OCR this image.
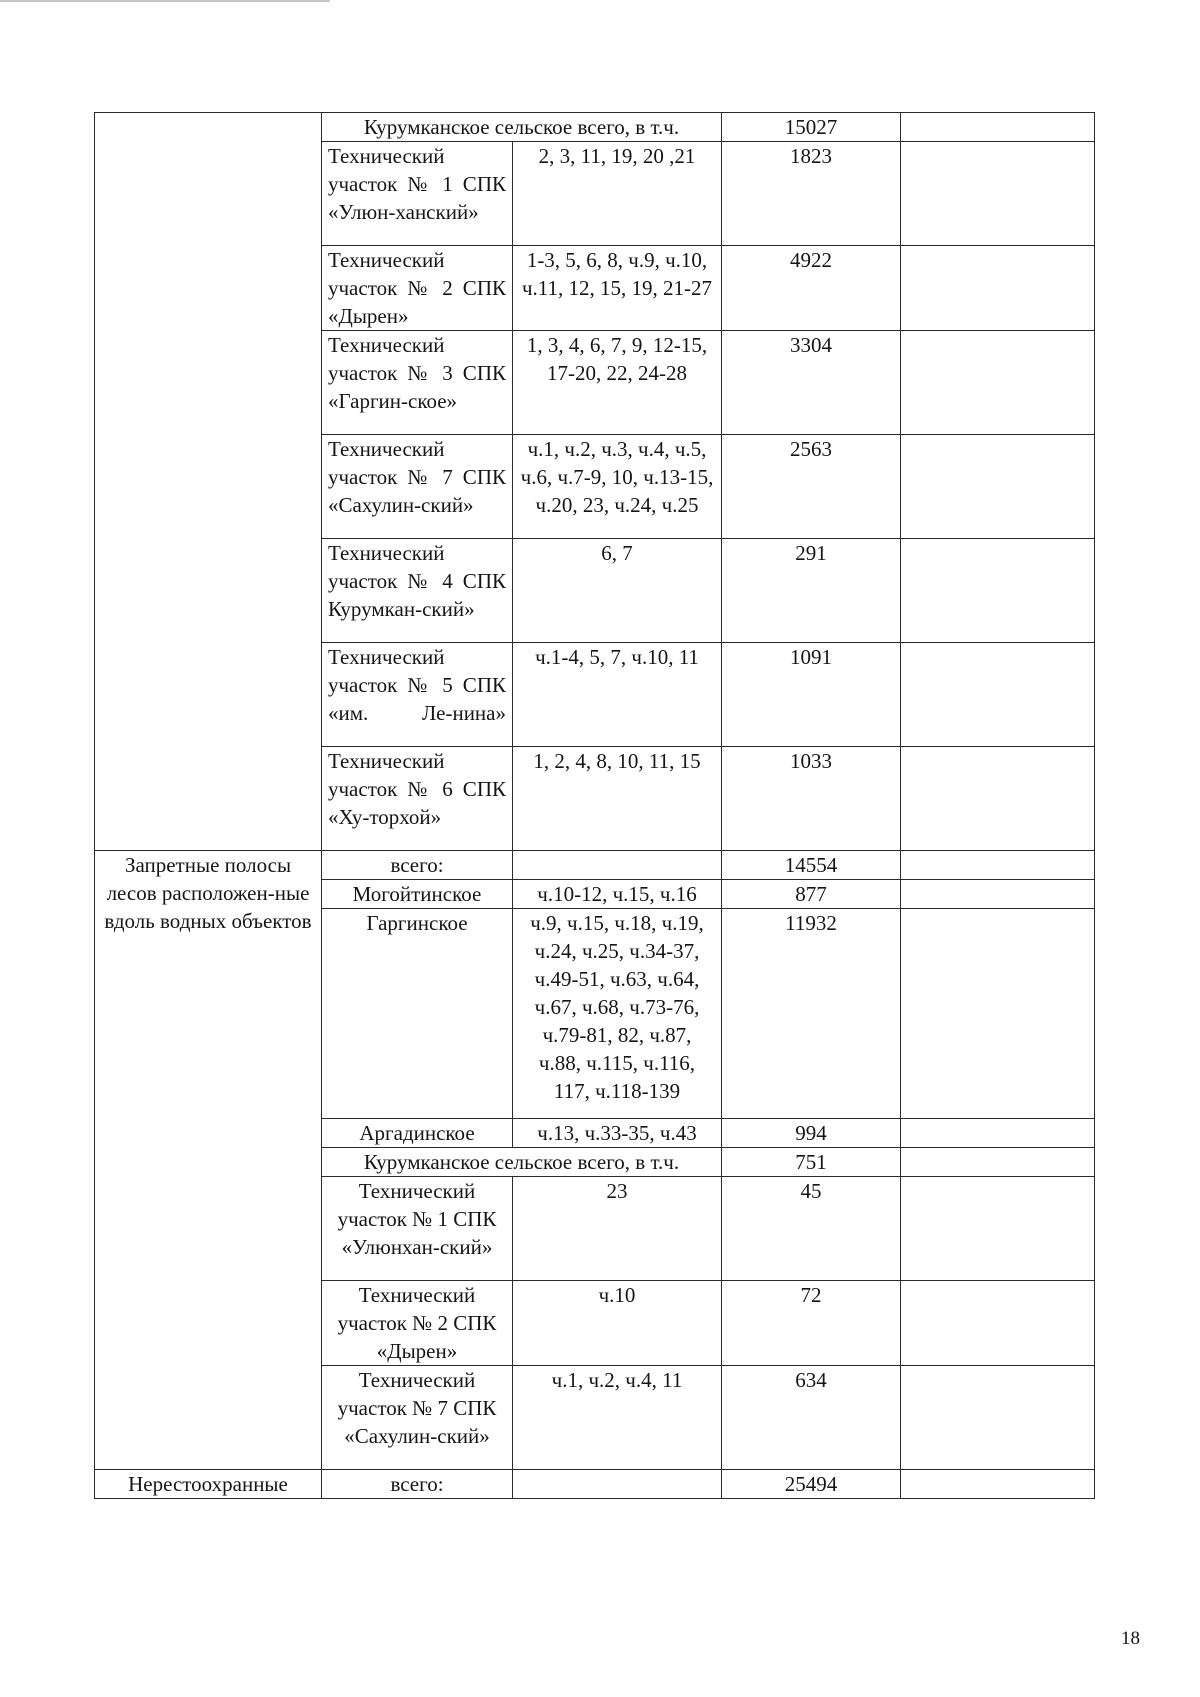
	Курумканское сельское всего, в т.ч.		15027	
	Технический участок № 1 СПК «Улюн-ханский»	2, 3, 11, 19, 20 ,21	1823	
	Технический участок № 2 СПК «Дырен»	1-3, 5, 6, 8, ч.9, ч.10, ч.11, 12, 15, 19, 21-27	4922	
	Технический участок № 3 СПК «Гаргин-ское»	1, 3, 4, 6, 7, 9, 12-15, 17-20, 22, 24-28	3304	
	Технический участок № 7 СПК «Сахулин-ский»	ч.1, ч.2, ч.3, ч.4, ч.5, ч.6, ч.7-9, 10, ч.13-15, ч.20, 23, ч.24, ч.25	2563	
	Технический участок № 4 СПК Курумкан-ский»	6, 7	291	
	Технический участок № 5 СПК «им. Ле-нина»	ч.1-4, 5, 7, ч.10, 11	1091	
	Технический участок № 6 СПК «Ху-торхой»	1, 2, 4, 8, 10, 11, 15	1033	
Запретные полосы лесов расположен-ные вдоль водных объектов	всего:		14554	
	Могойтинское	ч.10-12, ч.15, ч.16	877	
	Гаргинское	ч.9, ч.15, ч.18, ч.19, ч.24, ч.25, ч.34-37, ч.49-51, ч.63, ч.64, ч.67, ч.68, ч.73-76, ч.79-81, 82, ч.87, ч.88, ч.115, ч.116, 117, ч.118-139	11932	
	Аргадинское	ч.13, ч.33-35, ч.43	994	
	Курумканское сельское всего, в т.ч.		751	
	Технический участок № 1 СПК «Улюнхан-ский»	23	45	
	Технический участок № 2 СПК «Дырен»	ч.10	72	
	Технический участок № 7 СПК «Сахулин-ский»	ч.1, ч.2, ч.4, 11	634	
Нерестоохранные	всего:		25494	
18
